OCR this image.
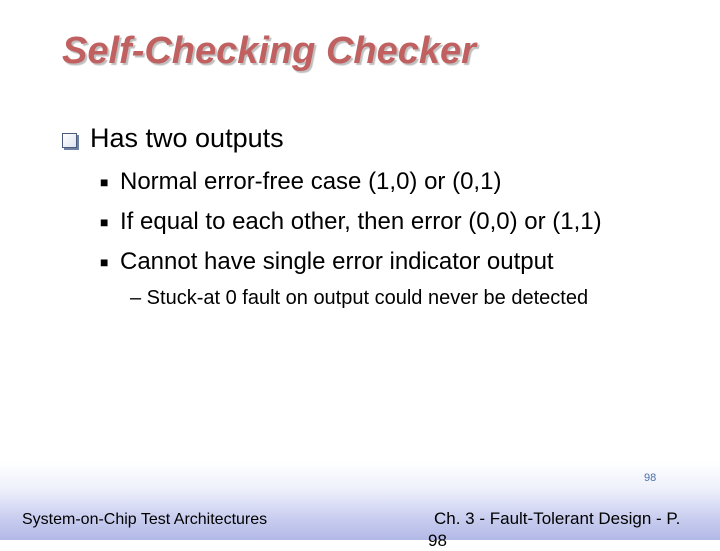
Self-Checking Checker
Has two outputs
■ Normal error-free case (1,0) or (0,1)
■ If equal to each other, then error (0,0) or (1,1)
■ Cannot have single error indicator output
– Stuck-at 0 fault on output could never be detected
System-on-Chip Test Architectures
98
Ch. 3 - Fault-Tolerant Design - P.
98
